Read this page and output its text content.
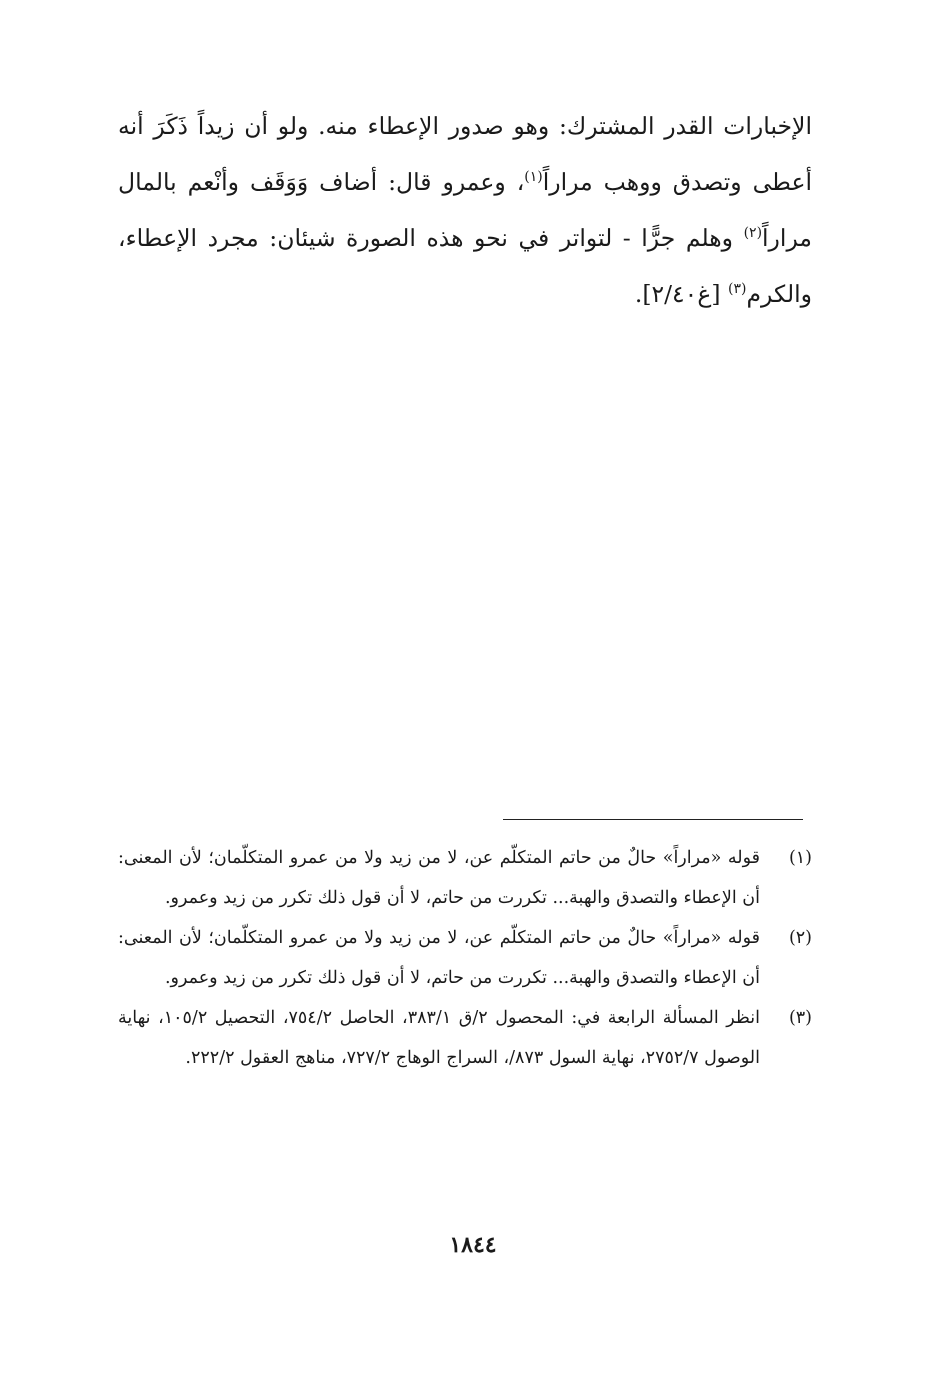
الإخبارات القدر المشترك: وهو صدور الإعطاء منه. ولو أن زيداً ذَكَرَ أنه أعطى وتصدق ووهب مراراً$^{(١)}$، وعمرو قال: أضاف وَوَقَف وأنْعم بالمال مراراً$^{(٢)}$ وهلم جرًّا - لتواتر في نحو هذه الصورة شيئان: مجرد الإعطاء، والكرم$^{(٣)}$ [غ٢/٤٠].

(١)
قوله «مراراً» حالٌ من حاتم المتكلّم عن، لا من زيد ولا من عمرو المتكلّمان؛ لأن المعنى: أن الإعطاء والتصدق والهبة... تكررت من حاتم، لا أن قول ذلك تكرر من زيد وعمرو.
(٢)
قوله «مراراً» حالٌ من حاتم المتكلّم عن، لا من زيد ولا من عمرو المتكلّمان؛ لأن المعنى: أن الإعطاء والتصدق والهبة... تكررت من حاتم، لا أن قول ذلك تكرر من زيد وعمرو.
(٣)
انظر المسألة الرابعة في: المحصول ٢/ق ٣٨٣/١، الحاصل ٧٥٤/٢، التحصيل ١٠٥/٢، نهاية الوصول ٢٧٥٢/٧، نهاية السول ٨٧٣/، السراج الوهاج ٧٢٧/٢، مناهج العقول ٢٢٢/٢.
١٨٤٤
